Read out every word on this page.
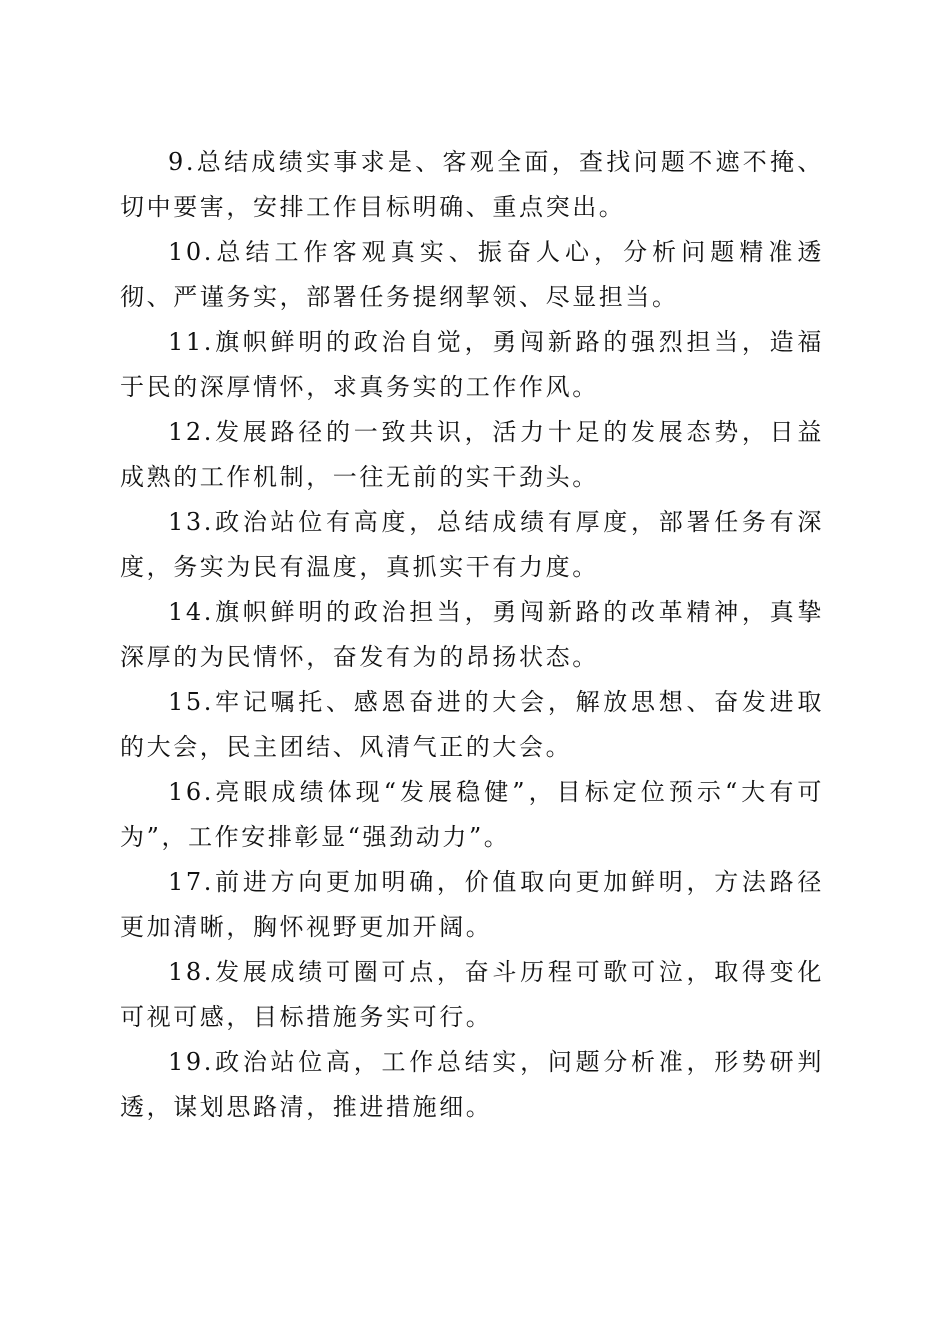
9.总结成绩实事求是、客观全面，查找问题不遮不掩、切中要害，安排工作目标明确、重点突出。

10.总结工作客观真实、振奋人心，分析问题精准透彻、严谨务实，部署任务提纲挈领、尽显担当。

11.旗帜鲜明的政治自觉，勇闯新路的强烈担当，造福于民的深厚情怀，求真务实的工作作风。

12.发展路径的一致共识，活力十足的发展态势，日益成熟的工作机制，一往无前的实干劲头。

13.政治站位有高度，总结成绩有厚度，部署任务有深度，务实为民有温度，真抓实干有力度。

14.旗帜鲜明的政治担当，勇闯新路的改革精神，真挚深厚的为民情怀，奋发有为的昂扬状态。

15.牢记嘱托、感恩奋进的大会，解放思想、奋发进取的大会，民主团结、风清气正的大会。

16.亮眼成绩体现“发展稳健”，目标定位预示“大有可为”，工作安排彰显“强劲动力”。

17.前进方向更加明确，价值取向更加鲜明，方法路径更加清晰，胸怀视野更加开阔。

18.发展成绩可圈可点，奋斗历程可歌可泣，取得变化可视可感，目标措施务实可行。

19.政治站位高，工作总结实，问题分析准，形势研判透，谋划思路清，推进措施细。
